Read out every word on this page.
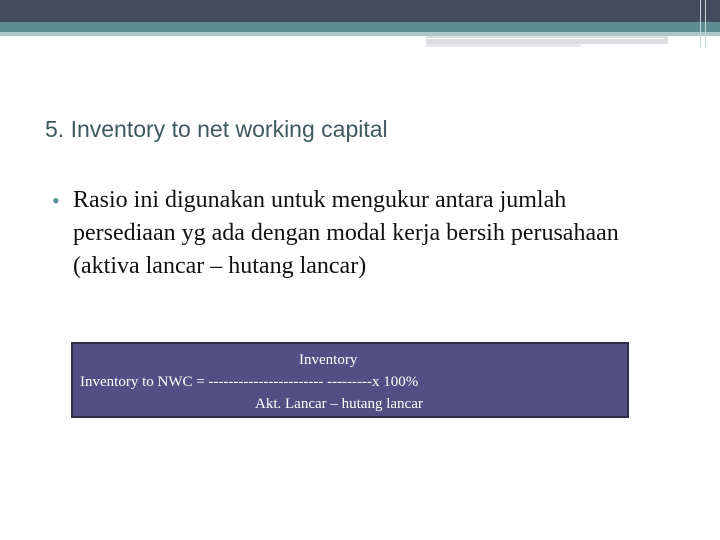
5. Inventory to net working capital
• Rasio ini digunakan untuk mengukur antara jumlah persediaan yg ada dengan modal kerja bersih perusahaan (aktiva lancar – hutang lancar)
Inventory
Inventory to NWC = ----------------------- ---------x 100%
Akt. Lancar – hutang lancar
